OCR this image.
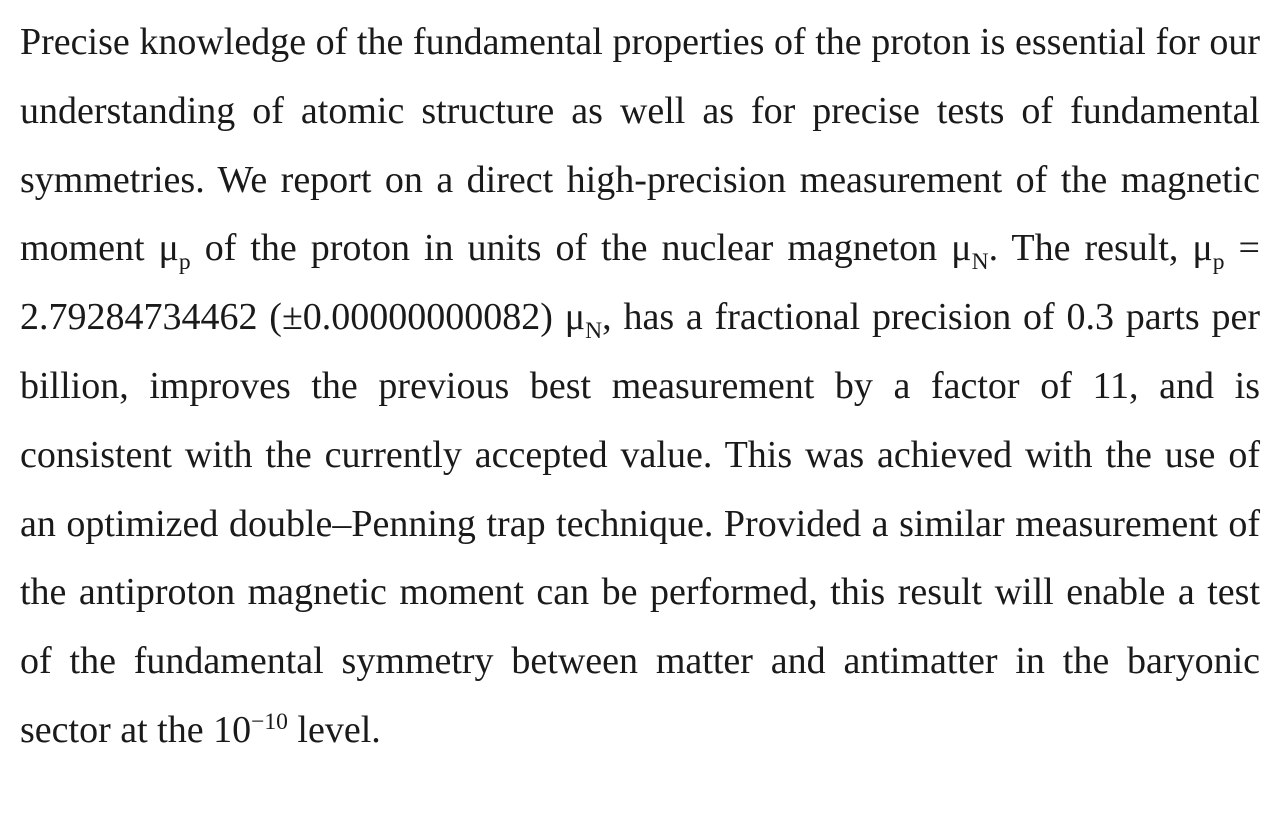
Precise knowledge of the fundamental properties of the proton is essential for our understanding of atomic structure as well as for precise tests of fundamental symmetries. We report on a direct high-precision measurement of the magnetic moment $\mu_p$ of the proton in units of the nuclear magneton $\mu_N$. The result, $\mu_p = 2.79284734462$ (±0.00000000082) $\mu_N$, has a fractional precision of 0.3 parts per billion, improves the previous best measurement by a factor of 11, and is consistent with the currently accepted value. This was achieved with the use of an optimized double–Penning trap technique. Provided a similar measurement of the antiproton magnetic moment can be performed, this result will enable a test of the fundamental symmetry between matter and antimatter in the baryonic sector at the $10^{-10}$ level.
